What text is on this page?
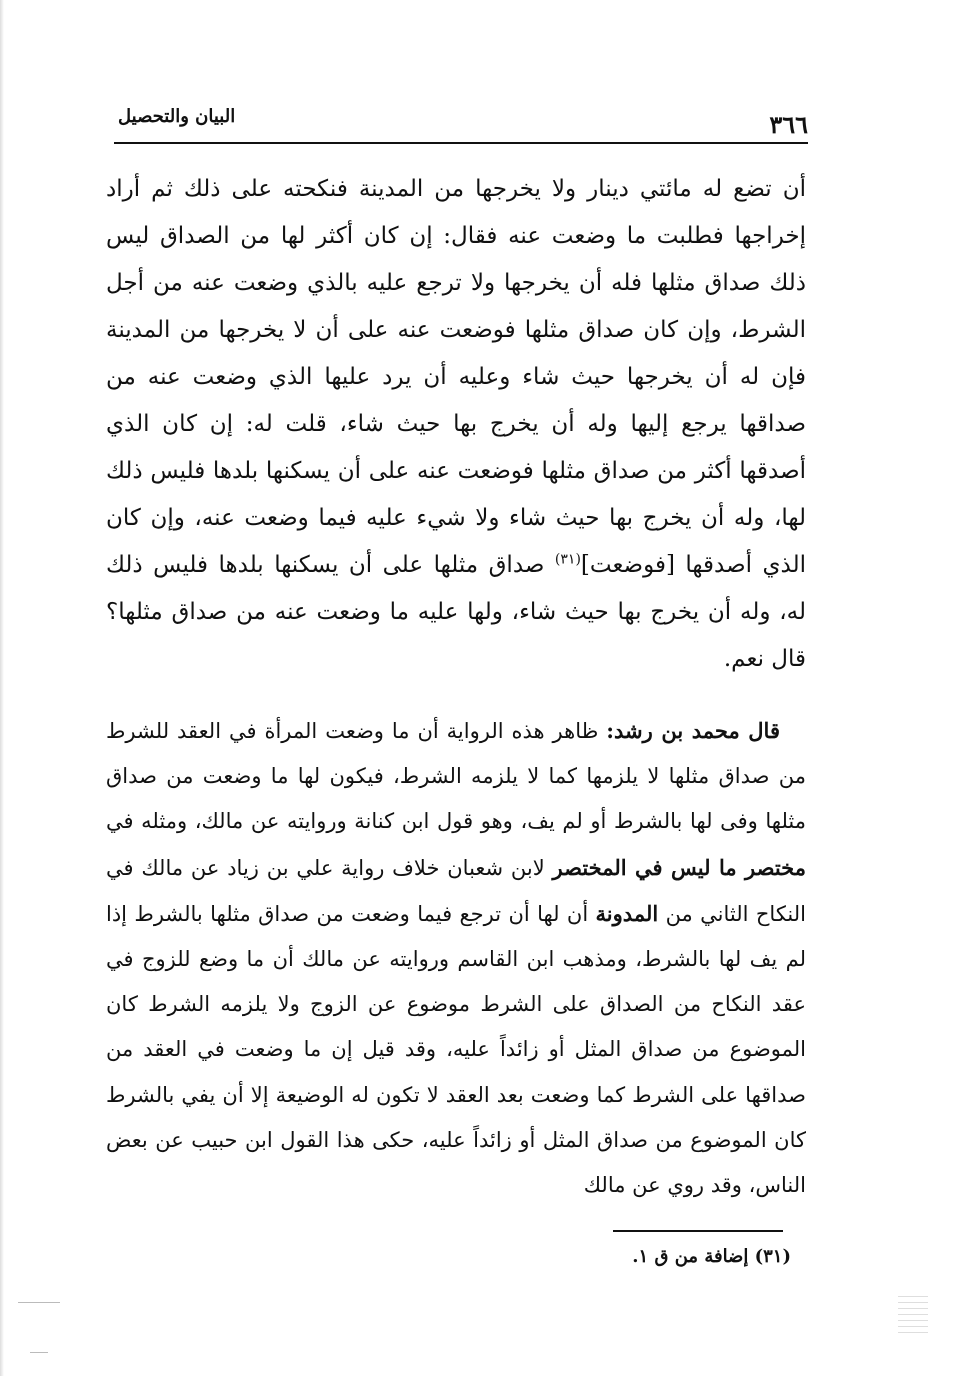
٣٦٦
البيان والتحصيل

أن تضع له مائتي دينار ولا يخرجها من المدينة فنكحته على ذلك ثم أراد إخراجها فطلبت ما وضعت عنه فقال: إن كان أكثر لها من الصداق ليس ذلك صداق مثلها فله أن يخرجها ولا ترجع عليه بالذي وضعت عنه من أجل الشرط، وإن كان صداق مثلها فوضعت عنه على أن لا يخرجها من المدينة فإن له أن يخرجها حيث شاء وعليه أن يرد عليها الذي وضعت عنه من صداقها يرجع إليها وله أن يخرج بها حيث شاء، قلت له: إن كان الذي أصدقها أكثر من صداق مثلها فوضعت عنه على أن يسكنها بلدها فليس ذلك لها، وله أن يخرج بها حيث شاء ولا شيء عليه فيما وضعت عنه، وإن كان الذي أصدقها [فوضعت]$^{(٣١)}$ صداق مثلها على أن يسكنها بلدها فليس ذلك له، وله أن يخرج بها حيث شاء، ولها عليه ما وضعت عنه من صداق مثلها؟ قال نعم.

قال محمد بن رشد: ظاهر هذه الرواية أن ما وضعت المرأة في العقد للشرط من صداق مثلها لا يلزمها كما لا يلزمه الشرط، فيكون لها ما وضعت من صداق مثلها وفى لها بالشرط أو لم يف، وهو قول ابن كنانة وروايته عن مالك، ومثله في مختصر ما ليس في المختصر لابن شعبان خلاف رواية علي بن زياد عن مالك في النكاح الثاني من المدونة أن لها أن ترجع فيما وضعت من صداق مثلها بالشرط إذا لم يف لها بالشرط، ومذهب ابن القاسم وروايته عن مالك أن ما وضع للزوج في عقد النكاح من الصداق على الشرط موضوع عن الزوج ولا يلزمه الشرط كان الموضوع من صداق المثل أو زائداً عليه، وقد قيل إن ما وضعت في العقد من صداقها على الشرط كما وضعت بعد العقد لا تكون له الوضيعة إلا أن يفي بالشرط كان الموضوع من صداق المثل أو زائداً عليه، حكى هذا القول ابن حبيب عن بعض الناس، وقد روي عن مالك

(٣١) إضافة من ق ١.
